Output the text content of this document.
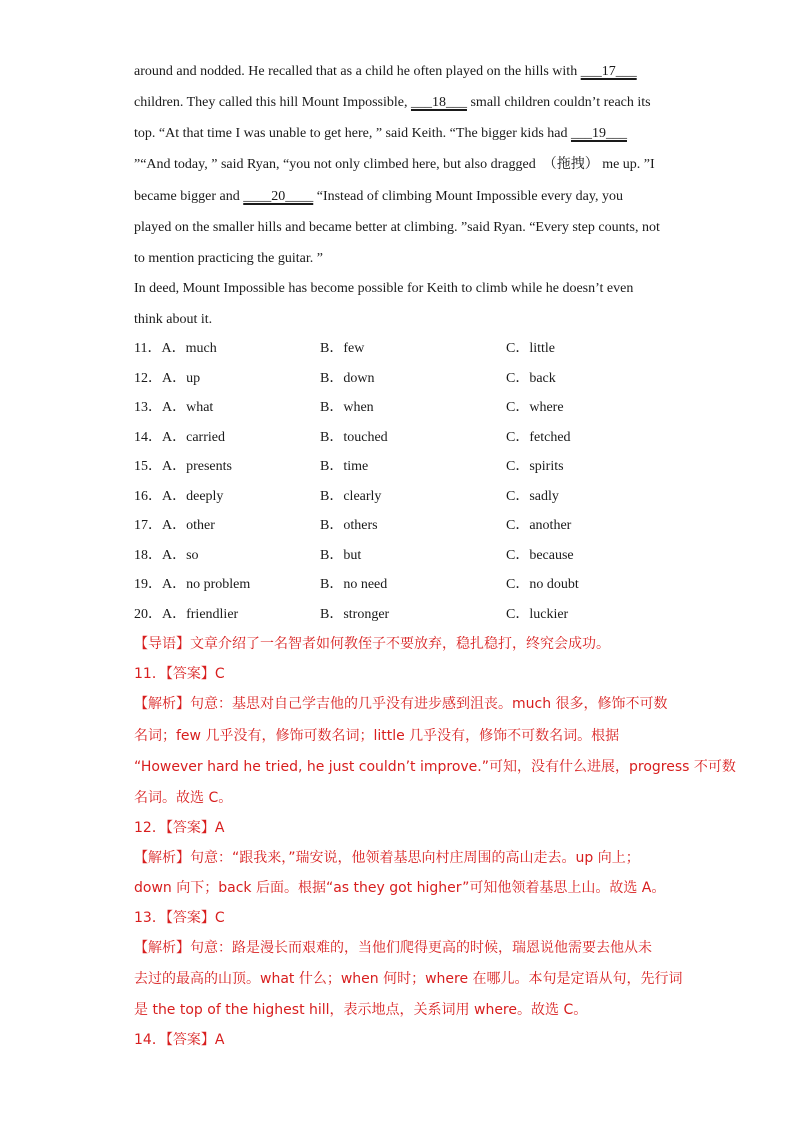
around and nodded. He recalled that as a child he often played on the hills with ___17___
children. They called this hill Mount Impossible, ___18___ small children couldn’t reach its
top. “At that time I was unable to get here, ” said Keith. “The bigger kids had ___19___
”“And today, ” said Ryan, “you not only climbed here, but also dragged　（拖拽） me up. ”I
became bigger and ____20____ “Instead of climbing Mount Impossible every day, you
played on the smaller hills and became better at climbing. ”said Ryan. “Every step counts, not
to mention practicing the guitar. ”
In deed, Mount Impossible has become possible for Keith to climb while he doesn’t even
think about it.
11．A．much	B．few	C．little
12．A．up	B．down	C．back
13．A．what	B．when	C．where
14．A．carried	B．touched	C．fetched
15．A．presents	B．time	C．spirits
16．A．deeply	B．clearly	C．sadly
17．A．other	B．others	C．another
18．A．so	B．but	C．because
19．A．no problem	B．no need	C．no doubt
20．A．friendlier	B．stronger	C．luckier
【导语】文章介绍了一名智者如何教侄子不要放弃，稳扎稳打，终究会成功。
11．【答案】C
【解析】句意：基思对自己学吉他的几乎没有进步感到沮丧。much 很多，修饰不可数
名词；few 几乎没有，修饰可数名词；little 几乎没有，修饰不可数名词。根据
“However hard he tried, he just couldn’t improve.”可知，没有什么进展，progress 不可数
名词。故选 C。
12．【答案】A
【解析】句意：“跟我来，”瑞安说，他领着基思向村庄周围的高山走去。up 向上；
down 向下；back 后面。根据“as they got higher”可知他领着基思上山。故选 A。
13．【答案】C
【解析】句意：路是漫长而艰难的，当他们爬得更高的时候，瑞恩说他需要去他从未
去过的最高的山顶。what 什么；when 何时；where 在哪儿。本句是定语从句，先行词
是 the top of the highest hill，表示地点，关系词用 where。故选 C。
14．【答案】A
